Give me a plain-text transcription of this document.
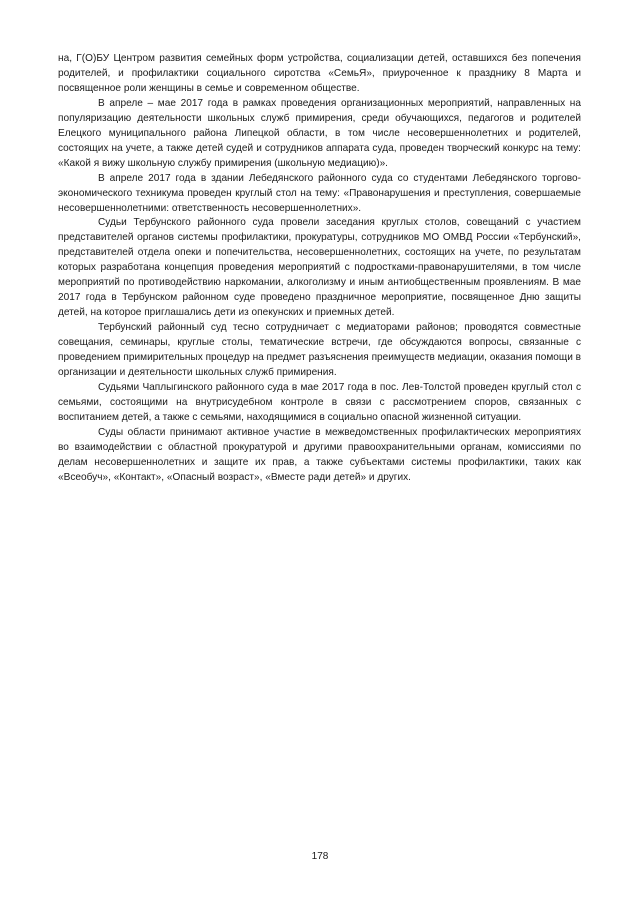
на, Г(О)БУ Центром развития семейных форм устройства, социализации детей, оставшихся без попечения родителей, и профилактики социального сиротства «СемьЯ», приуроченное к празднику 8 Марта и посвященное роли женщины в семье и современном обществе.

В апреле – мае 2017 года в рамках проведения организационных мероприятий, направленных на популяризацию деятельности школьных служб примирения, среди обучающихся, педагогов и родителей Елецкого муниципального района Липецкой области, в том числе несовершеннолетних и родителей, состоящих на учете, а также детей судей и сотрудников аппарата суда, проведен творческий конкурс на тему: «Какой я вижу школьную службу примирения (школьную медиацию)».

В апреле 2017 года в здании Лебедянского районного суда со студентами Лебедянского торгово-экономического техникума проведен круглый стол на тему: «Правонарушения и преступления, совершаемые несовершеннолетними: ответственность несовершеннолетних».

Судьи Тербунского районного суда провели заседания круглых столов, совещаний с участием представителей органов системы профилактики, прокуратуры, сотрудников МО ОМВД России «Тербунский», представителей отдела опеки и попечительства, несовершеннолетних, состоящих на учете, по результатам которых разработана концепция проведения мероприятий с подростками-правонарушителями, в том числе мероприятий по противодействию наркомании, алкоголизму и иным антиобщественным проявлениям. В мае 2017 года в Тербунском районном суде проведено праздничное мероприятие, посвященное Дню защиты детей, на которое приглашались дети из опекунских и приемных детей.

Тербунский районный суд тесно сотрудничает с медиаторами районов; проводятся совместные совещания, семинары, круглые столы, тематические встречи, где обсуждаются вопросы, связанные с проведением примирительных процедур на предмет разъяснения преимуществ медиации, оказания помощи в организации и деятельности школьных служб примирения.

Судьями Чаплыгинского районного суда в мае 2017 года в пос. Лев-Толстой проведен круглый стол с семьями, состоящими на внутрисудебном контроле в связи с рассмотрением споров, связанных с воспитанием детей, а также с семьями, находящимися в социально опасной жизненной ситуации.

Суды области принимают активное участие в межведомственных профилактических мероприятиях во взаимодействии с областной прокуратурой и другими правоохранительными органам, комиссиями по делам несовершеннолетних и защите их прав, а также субъектами системы профилактики, таких как «Всеобуч», «Контакт», «Опасный возраст», «Вместе ради детей» и других.

178
